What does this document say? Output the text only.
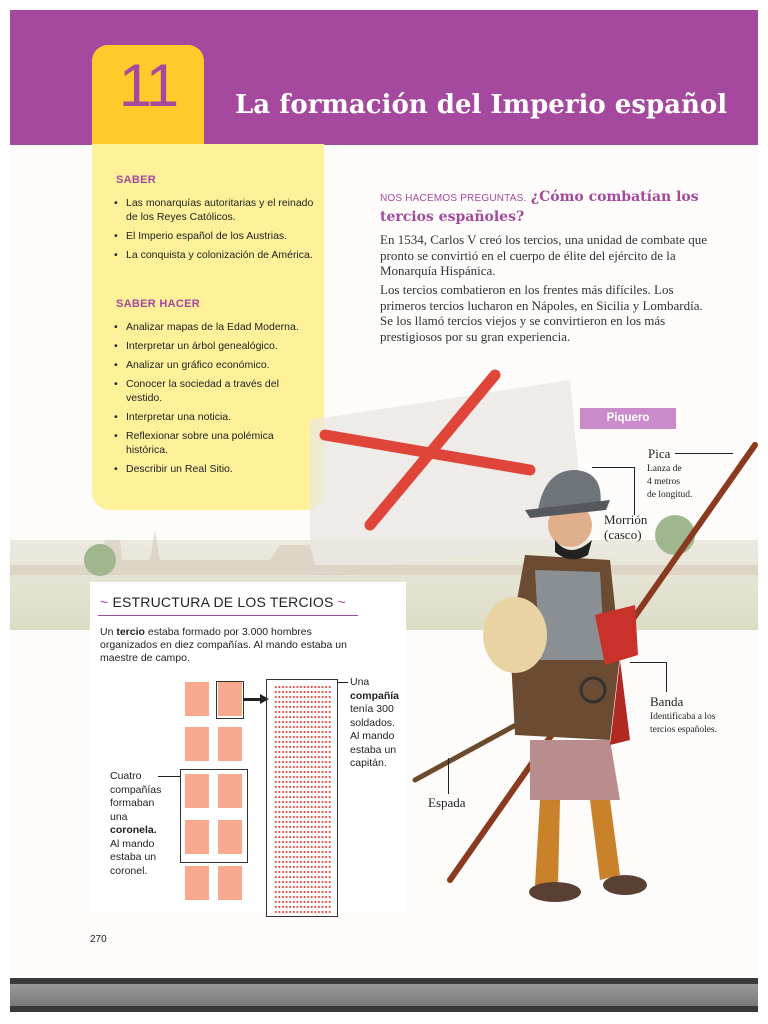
11	La formación del Imperio español
SABER
• Las monarquías autoritarias y el reinado de los Reyes Católicos.
• El Imperio español de los Austrias.
• La conquista y colonización de América.
SABER HACER
• Analizar mapas de la Edad Moderna.
• Interpretar un árbol genealógico.
• Analizar un gráfico económico.
• Conocer la sociedad a través del vestido.
• Interpretar una noticia.
• Reflexionar sobre una polémica histórica.
• Describir un Real Sitio.
NOS HACEMOS PREGUNTAS. ¿Cómo combatían los tercios españoles?

En 1534, Carlos V creó los tercios, una unidad de combate que pronto se convirtió en el cuerpo de élite del ejército de la Monarquía Hispánica.

Los tercios combatieron en los frentes más difíciles. Los primeros tercios lucharon en Nápoles, en Sicilia y Lombardía. Se los llamó tercios viejos y se convirtieron en los más prestigiosos por su gran experiencia.

Piquero
Pica
Lanza de
4 metros
de longitud.
Morrión
(casco)
Banda
Identificaba a los
tercios españoles.
Espada
~ ESTRUCTURA DE LOS TERCIOS ~
Un tercio estaba formado por 3.000 hombres organizados en diez compañías. Al mando estaba un maestre de campo.
Una
compañía
tenía 300
soldados.
Al mando
estaba un
capitán.
Cuatro
compañías
formaban
una
coronela.
Al mando
estaba un
coronel.
270
